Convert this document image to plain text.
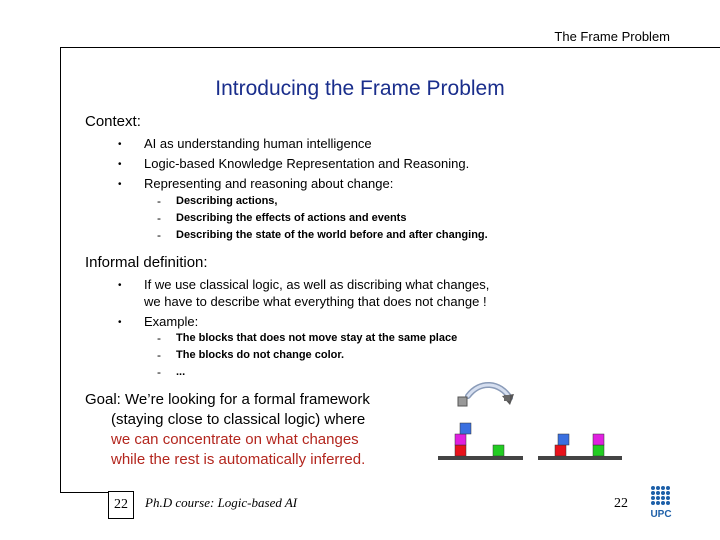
The Frame Problem
Introducing the Frame Problem
Context:
• AI as understanding human intelligence
• Logic-based Knowledge Representation and Reasoning.
• Representing and reasoning about change:
- Describing actions,
- Describing the effects of actions and events
- Describing the state of the world before and after changing.
Informal definition:
• If we use classical logic, as well as discribing what changes,
we have to describe what everything that does not change !
• Example:
- The blocks that does not move stay at the same place
- The blocks do not change color.
- ...
Goal: We’re looking for a formal framework
(staying close to classical logic) where
we can concentrate on what changes
while the rest is automatically inferred.
22	Ph.D course: Logic-based AI	22
UPC
